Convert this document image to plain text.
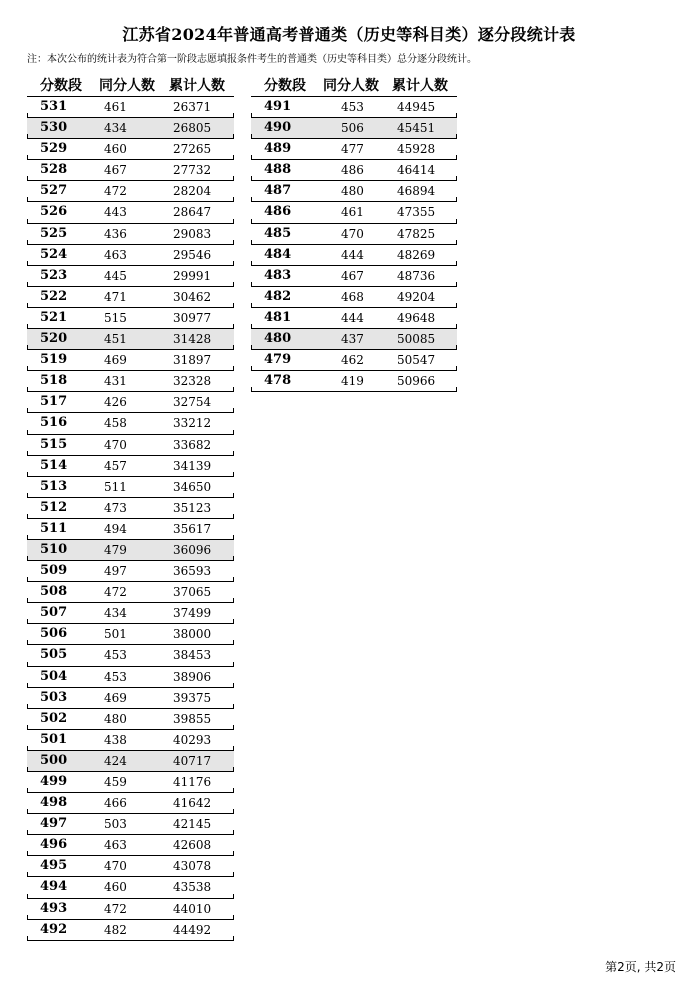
江苏省2024年普通高考普通类（历史等科目类）逐分段统计表
注：本次公布的统计表为符合第一阶段志愿填报条件考生的普通类（历史等科目类）总分逐分段统计。
分数段 同分人数 累计人数
531	461	26371
530	434	26805
529	460	27265
528	467	27732
527	472	28204
526	443	28647
525	436	29083
524	463	29546
523	445	29991
522	471	30462
521	515	30977
520	451	31428
519	469	31897
518	431	32328
517	426	32754
516	458	33212
515	470	33682
514	457	34139
513	511	34650
512	473	35123
511	494	35617
510	479	36096
509	497	36593
508	472	37065
507	434	37499
506	501	38000
505	453	38453
504	453	38906
503	469	39375
502	480	39855
501	438	40293
500	424	40717
499	459	41176
498	466	41642
497	503	42145
496	463	42608
495	470	43078
494	460	43538
493	472	44010
492	482	44492
分数段 同分人数 累计人数
491	453	44945
490	506	45451
489	477	45928
488	486	46414
487	480	46894
486	461	47355
485	470	47825
484	444	48269
483	467	48736
482	468	49204
481	444	49648
480	437	50085
479	462	50547
478	419	50966
第2页, 共2页
